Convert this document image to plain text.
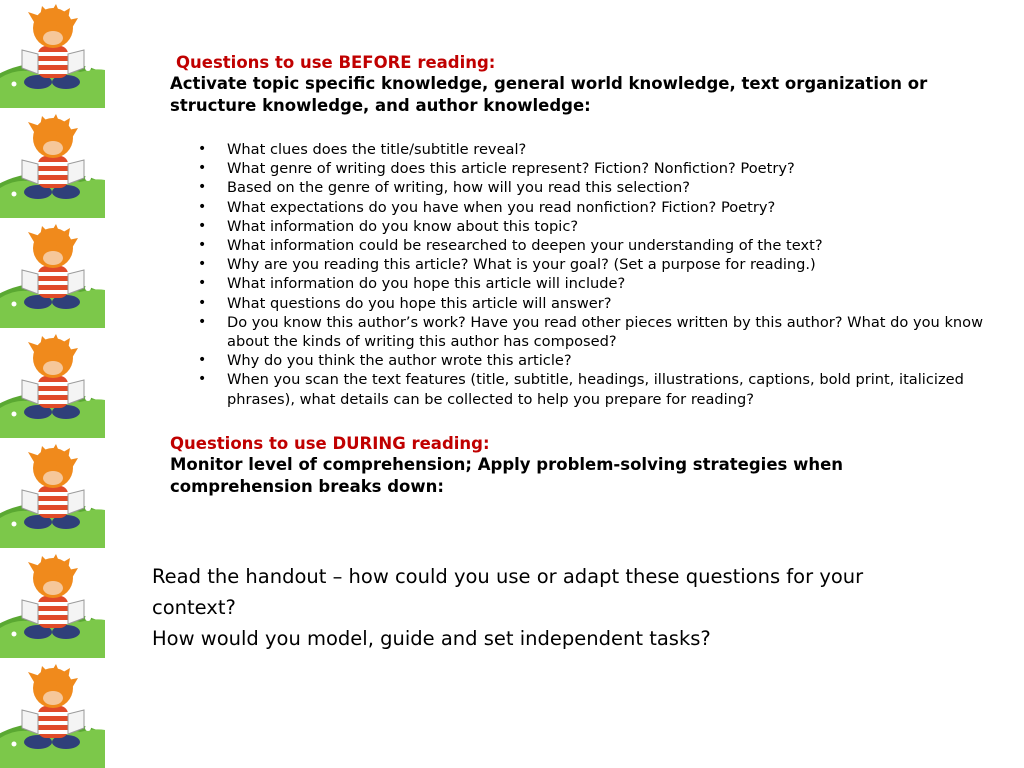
Questions to use BEFORE reading:

Activate topic specific knowledge, general world knowledge, text organization or structure knowledge, and author knowledge:

• What clues does the title/subtitle reveal?
• What genre of writing does this article represent? Fiction? Nonfiction? Poetry?
• Based on the genre of writing, how will you read this selection?
• What expectations do you have when you read nonfiction? Fiction? Poetry?
• What information do you know about this topic?
• What information could be researched to deepen your understanding of the text?
• Why are you reading this article? What is your goal? (Set a purpose for reading.)
• What information do you hope this article will include?
• What questions do you hope this article will answer?
• Do you know this author’s work? Have you read other pieces written by this author? What do you know about the kinds of writing this author has composed?
• Why do you think the author wrote this article?
• When you scan the text features (title, subtitle, headings, illustrations, captions, bold print, italicized phrases), what details can be collected to help you prepare for reading?

Questions to use DURING reading:

Monitor level of comprehension; Apply problem-solving strategies when comprehension breaks down:

Read the handout – how could you use or adapt these questions for your context?

How would you model, guide and set independent tasks?
